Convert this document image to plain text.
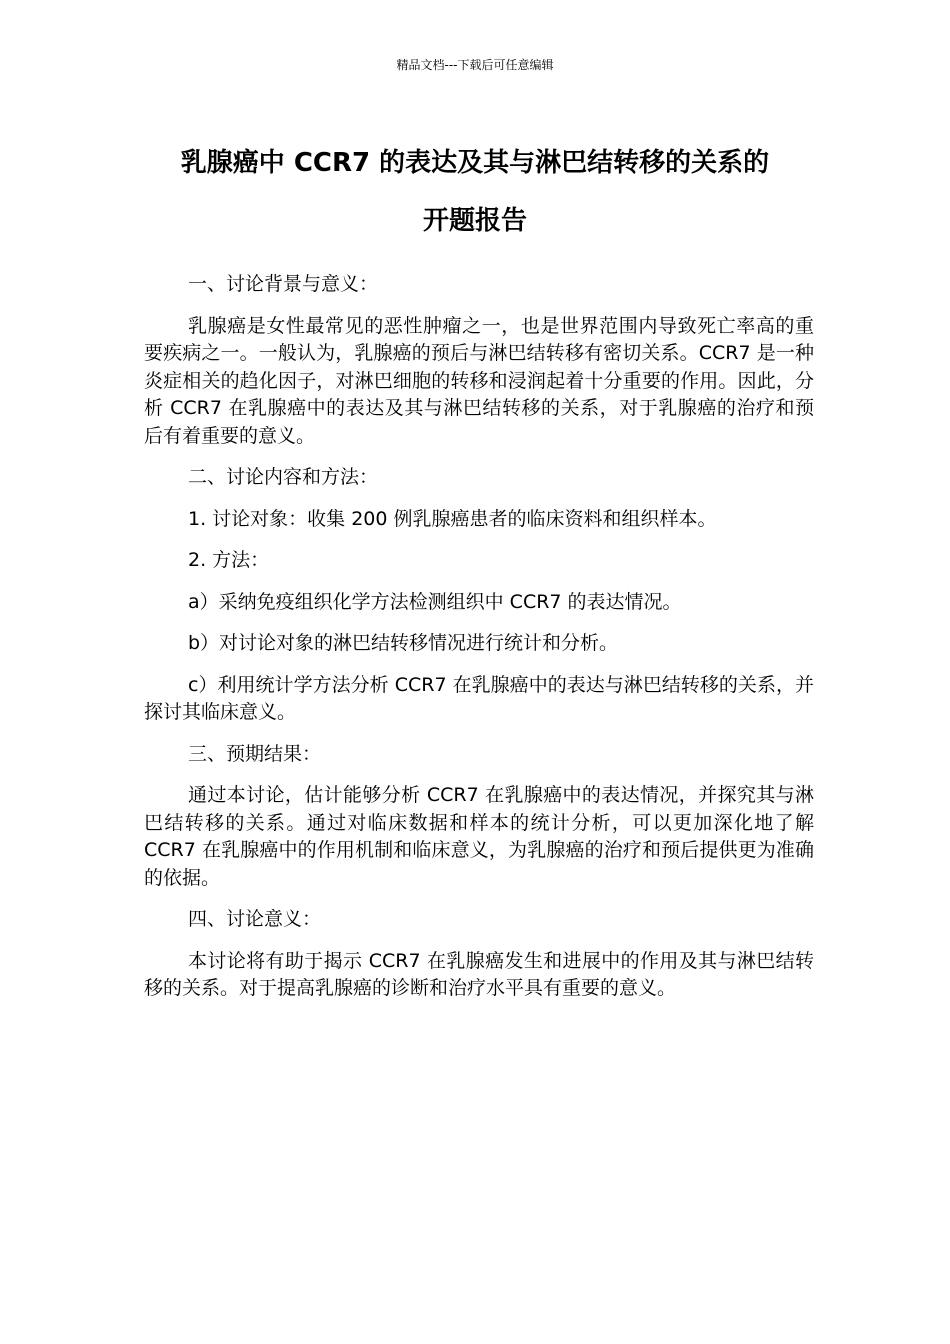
精品文档---下载后可任意编辑
乳腺癌中 CCR7 的表达及其与淋巴结转移的关系的
开题报告

一、讨论背景与意义：

乳腺癌是女性最常见的恶性肿瘤之一，也是世界范围内导致死亡率高的重要疾病之一。一般认为，乳腺癌的预后与淋巴结转移有密切关系。CCR7 是一种炎症相关的趋化因子，对淋巴细胞的转移和浸润起着十分重要的作用。因此，分析 CCR7 在乳腺癌中的表达及其与淋巴结转移的关系，对于乳腺癌的治疗和预后有着重要的意义。

二、讨论内容和方法：

1. 讨论对象：收集 200 例乳腺癌患者的临床资料和组织样本。

2. 方法：

a）采纳免疫组织化学方法检测组织中 CCR7 的表达情况。

b）对讨论对象的淋巴结转移情况进行统计和分析。

c）利用统计学方法分析 CCR7 在乳腺癌中的表达与淋巴结转移的关系，并探讨其临床意义。

三、预期结果：

通过本讨论，估计能够分析 CCR7 在乳腺癌中的表达情况，并探究其与淋巴结转移的关系。通过对临床数据和样本的统计分析，可以更加深化地了解 CCR7 在乳腺癌中的作用机制和临床意义，为乳腺癌的治疗和预后提供更为准确的依据。

四、讨论意义：

本讨论将有助于揭示 CCR7 在乳腺癌发生和进展中的作用及其与淋巴结转移的关系。对于提高乳腺癌的诊断和治疗水平具有重要的意义。
